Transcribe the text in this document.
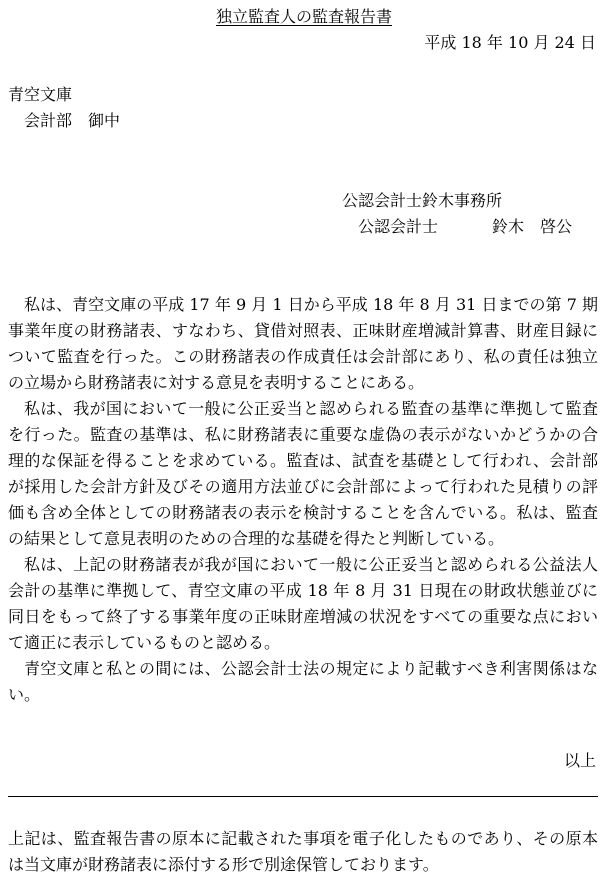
独立監査人の監査報告書
平成 18 年 10 月 24 日
青空文庫
会計部　御中
公認会計士鈴木事務所
公認会計士	鈴木　啓公

私は、青空文庫の平成 17 年 9 月 1 日から平成 18 年 8 月 31 日までの第 7 期事業年度の財務諸表、すなわち、貸借対照表、正味財産増減計算書、財産目録について監査を行った。この財務諸表の作成責任は会計部にあり、私の責任は独立の立場から財務諸表に対する意見を表明することにある。

私は、我が国において一般に公正妥当と認められる監査の基準に準拠して監査を行った。監査の基準は、私に財務諸表に重要な虚偽の表示がないかどうかの合理的な保証を得ることを求めている。監査は、試査を基礎として行われ、会計部が採用した会計方針及びその適用方法並びに会計部によって行われた見積りの評価も含め全体としての財務諸表の表示を検討することを含んでいる。私は、監査の結果として意見表明のための合理的な基礎を得たと判断している。

私は、上記の財務諸表が我が国において一般に公正妥当と認められる公益法人会計の基準に準拠して、青空文庫の平成 18 年 8 月 31 日現在の財政状態並びに同日をもって終了する事業年度の正味財産増減の状況をすべての重要な点において適正に表示しているものと認める。

青空文庫と私との間には、公認会計士法の規定により記載すべき利害関係はない。

以上
上記は、監査報告書の原本に記載された事項を電子化したものであり、その原本は当文庫が財務諸表に添付する形で別途保管しております。
